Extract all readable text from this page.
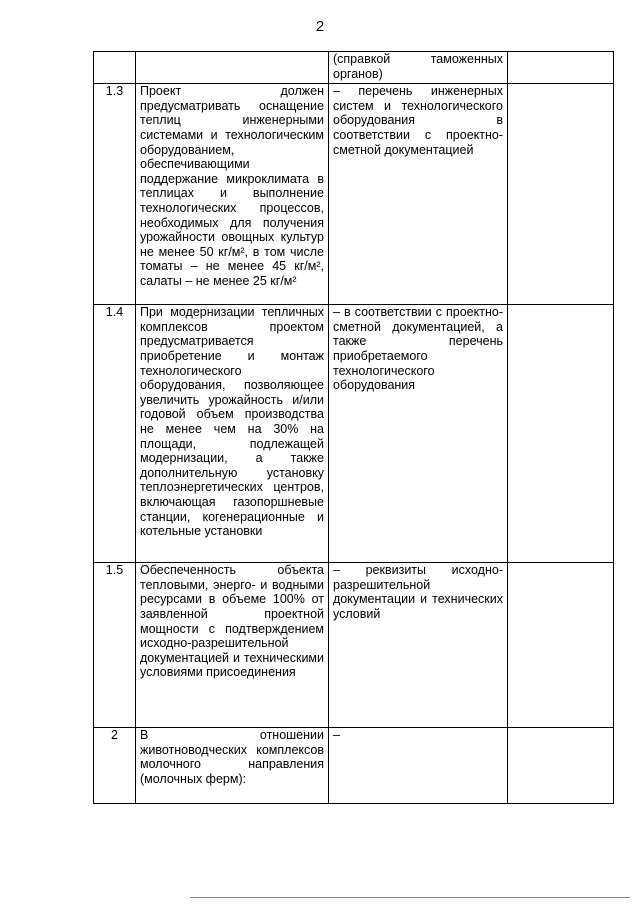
2
		(справкой таможенных органов)	
1.3	Проект должен предусматривать оснащение теплиц инженерными системами и технологическим оборудованием, обеспечивающими поддержание микроклимата в теплицах и выполнение технологических процессов, необходимых для получения урожайности овощных культур не менее 50 кг/м², в том числе томаты – не менее 45 кг/м², салаты – не менее 25 кг/м²	– перечень инженерных систем и технологического оборудования в соответствии с проектно-сметной документацией	
1.4	При модернизации тепличных комплексов проектом предусматривается приобретение и монтаж технологического оборудования, позволяющее увеличить урожайность и/или годовой объем производства не менее чем на 30% на площади, подлежащей модернизации, а также дополнительную установку теплоэнергетических центров, включающая газопоршневые станции, когенерационные и котельные установки	– в соответствии с проектно-сметной документацией, а также перечень приобретаемого технологического оборудования	
1.5	Обеспеченность объекта тепловыми, энерго- и водными ресурсами в объеме 100% от заявленной проектной мощности с подтверждением исходно-разрешительной документацией и техническими условиями присоединения	– реквизиты исходно-разрешительной документации и технических условий	
2	В отношении животноводческих комплексов молочного направления (молочных ферм):	–	
